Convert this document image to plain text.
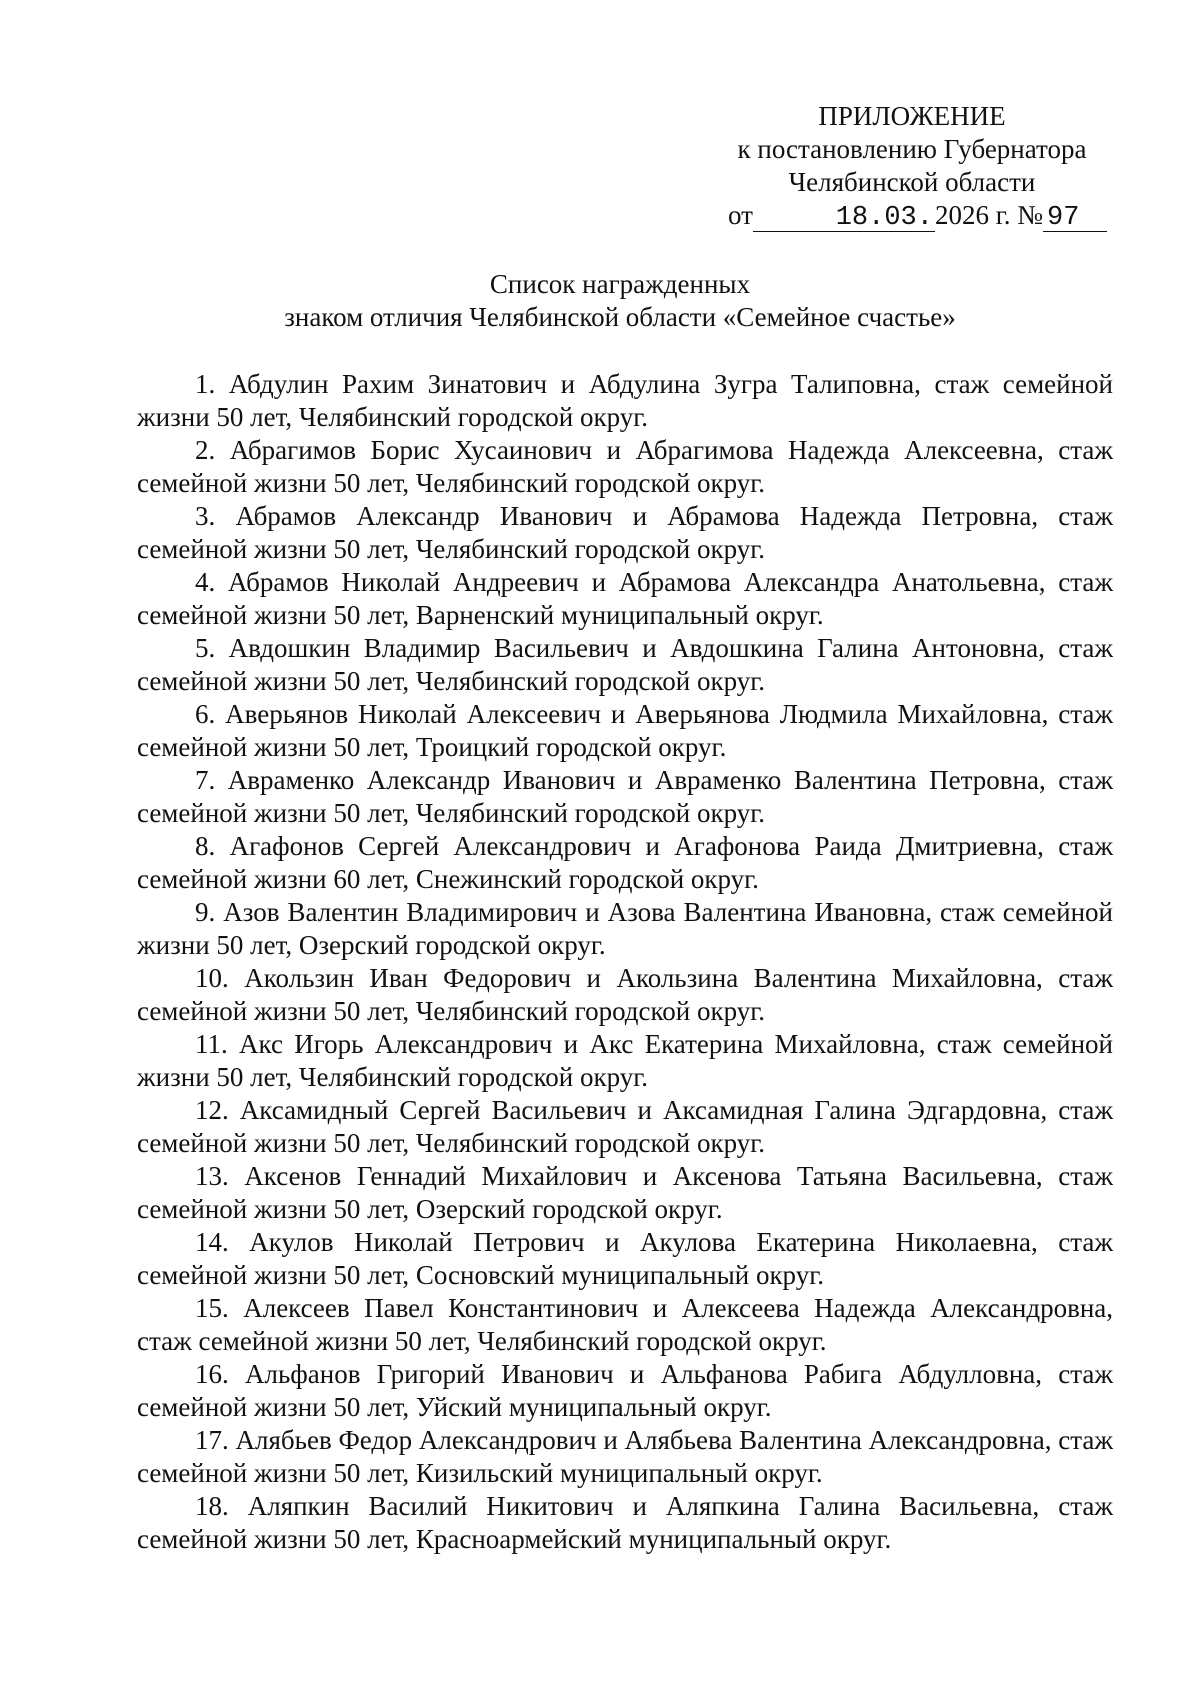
ПРИЛОЖЕНИЕ
к постановлению Губернатора
Челябинской области
от	18.03.2026 г. № 97
Список награжденных
знаком отличия Челябинской области «Семейное счастье»

1. Абдулин Рахим Зинатович и Абдулина Зугра Талиповна, стаж семейной жизни 50 лет, Челябинский городской округ.

2. Абрагимов Борис Хусаинович и Абрагимова Надежда Алексеевна, стаж семейной жизни 50 лет, Челябинский городской округ.

3. Абрамов Александр Иванович и Абрамова Надежда Петровна, стаж семейной жизни 50 лет, Челябинский городской округ.

4. Абрамов Николай Андреевич и Абрамова Александра Анатольевна, стаж семейной жизни 50 лет, Варненский муниципальный округ.

5. Авдошкин Владимир Васильевич и Авдошкина Галина Антоновна, стаж семейной жизни 50 лет, Челябинский городской округ.

6. Аверьянов Николай Алексеевич и Аверьянова Людмила Михайловна, стаж семейной жизни 50 лет, Троицкий городской округ.

7. Авраменко Александр Иванович и Авраменко Валентина Петровна, стаж семейной жизни 50 лет, Челябинский городской округ.

8. Агафонов Сергей Александрович и Агафонова Раида Дмитриевна, стаж семейной жизни 60 лет, Снежинский городской округ.

9. Азов Валентин Владимирович и Азова Валентина Ивановна, стаж семейной жизни 50 лет, Озерский городской округ.

10. Акользин Иван Федорович и Акользина Валентина Михайловна, стаж семейной жизни 50 лет, Челябинский городской округ.

11. Акс Игорь Александрович и Акс Екатерина Михайловна, стаж семейной жизни 50 лет, Челябинский городской округ.

12. Аксамидный Сергей Васильевич и Аксамидная Галина Эдгардовна, стаж семейной жизни 50 лет, Челябинский городской округ.

13. Аксенов Геннадий Михайлович и Аксенова Татьяна Васильевна, стаж семейной жизни 50 лет, Озерский городской округ.

14. Акулов Николай Петрович и Акулова Екатерина Николаевна, стаж семейной жизни 50 лет, Сосновский муниципальный округ.

15. Алексеев Павел Константинович и Алексеева Надежда Александровна, стаж семейной жизни 50 лет, Челябинский городской округ.

16. Альфанов Григорий Иванович и Альфанова Рабига Абдулловна, стаж семейной жизни 50 лет, Уйский муниципальный округ.

17. Алябьев Федор Александрович и Алябьева Валентина Александровна, стаж семейной жизни 50 лет, Кизильский муниципальный округ.

18. Аляпкин Василий Никитович и Аляпкина Галина Васильевна, стаж семейной жизни 50 лет, Красноармейский муниципальный округ.
